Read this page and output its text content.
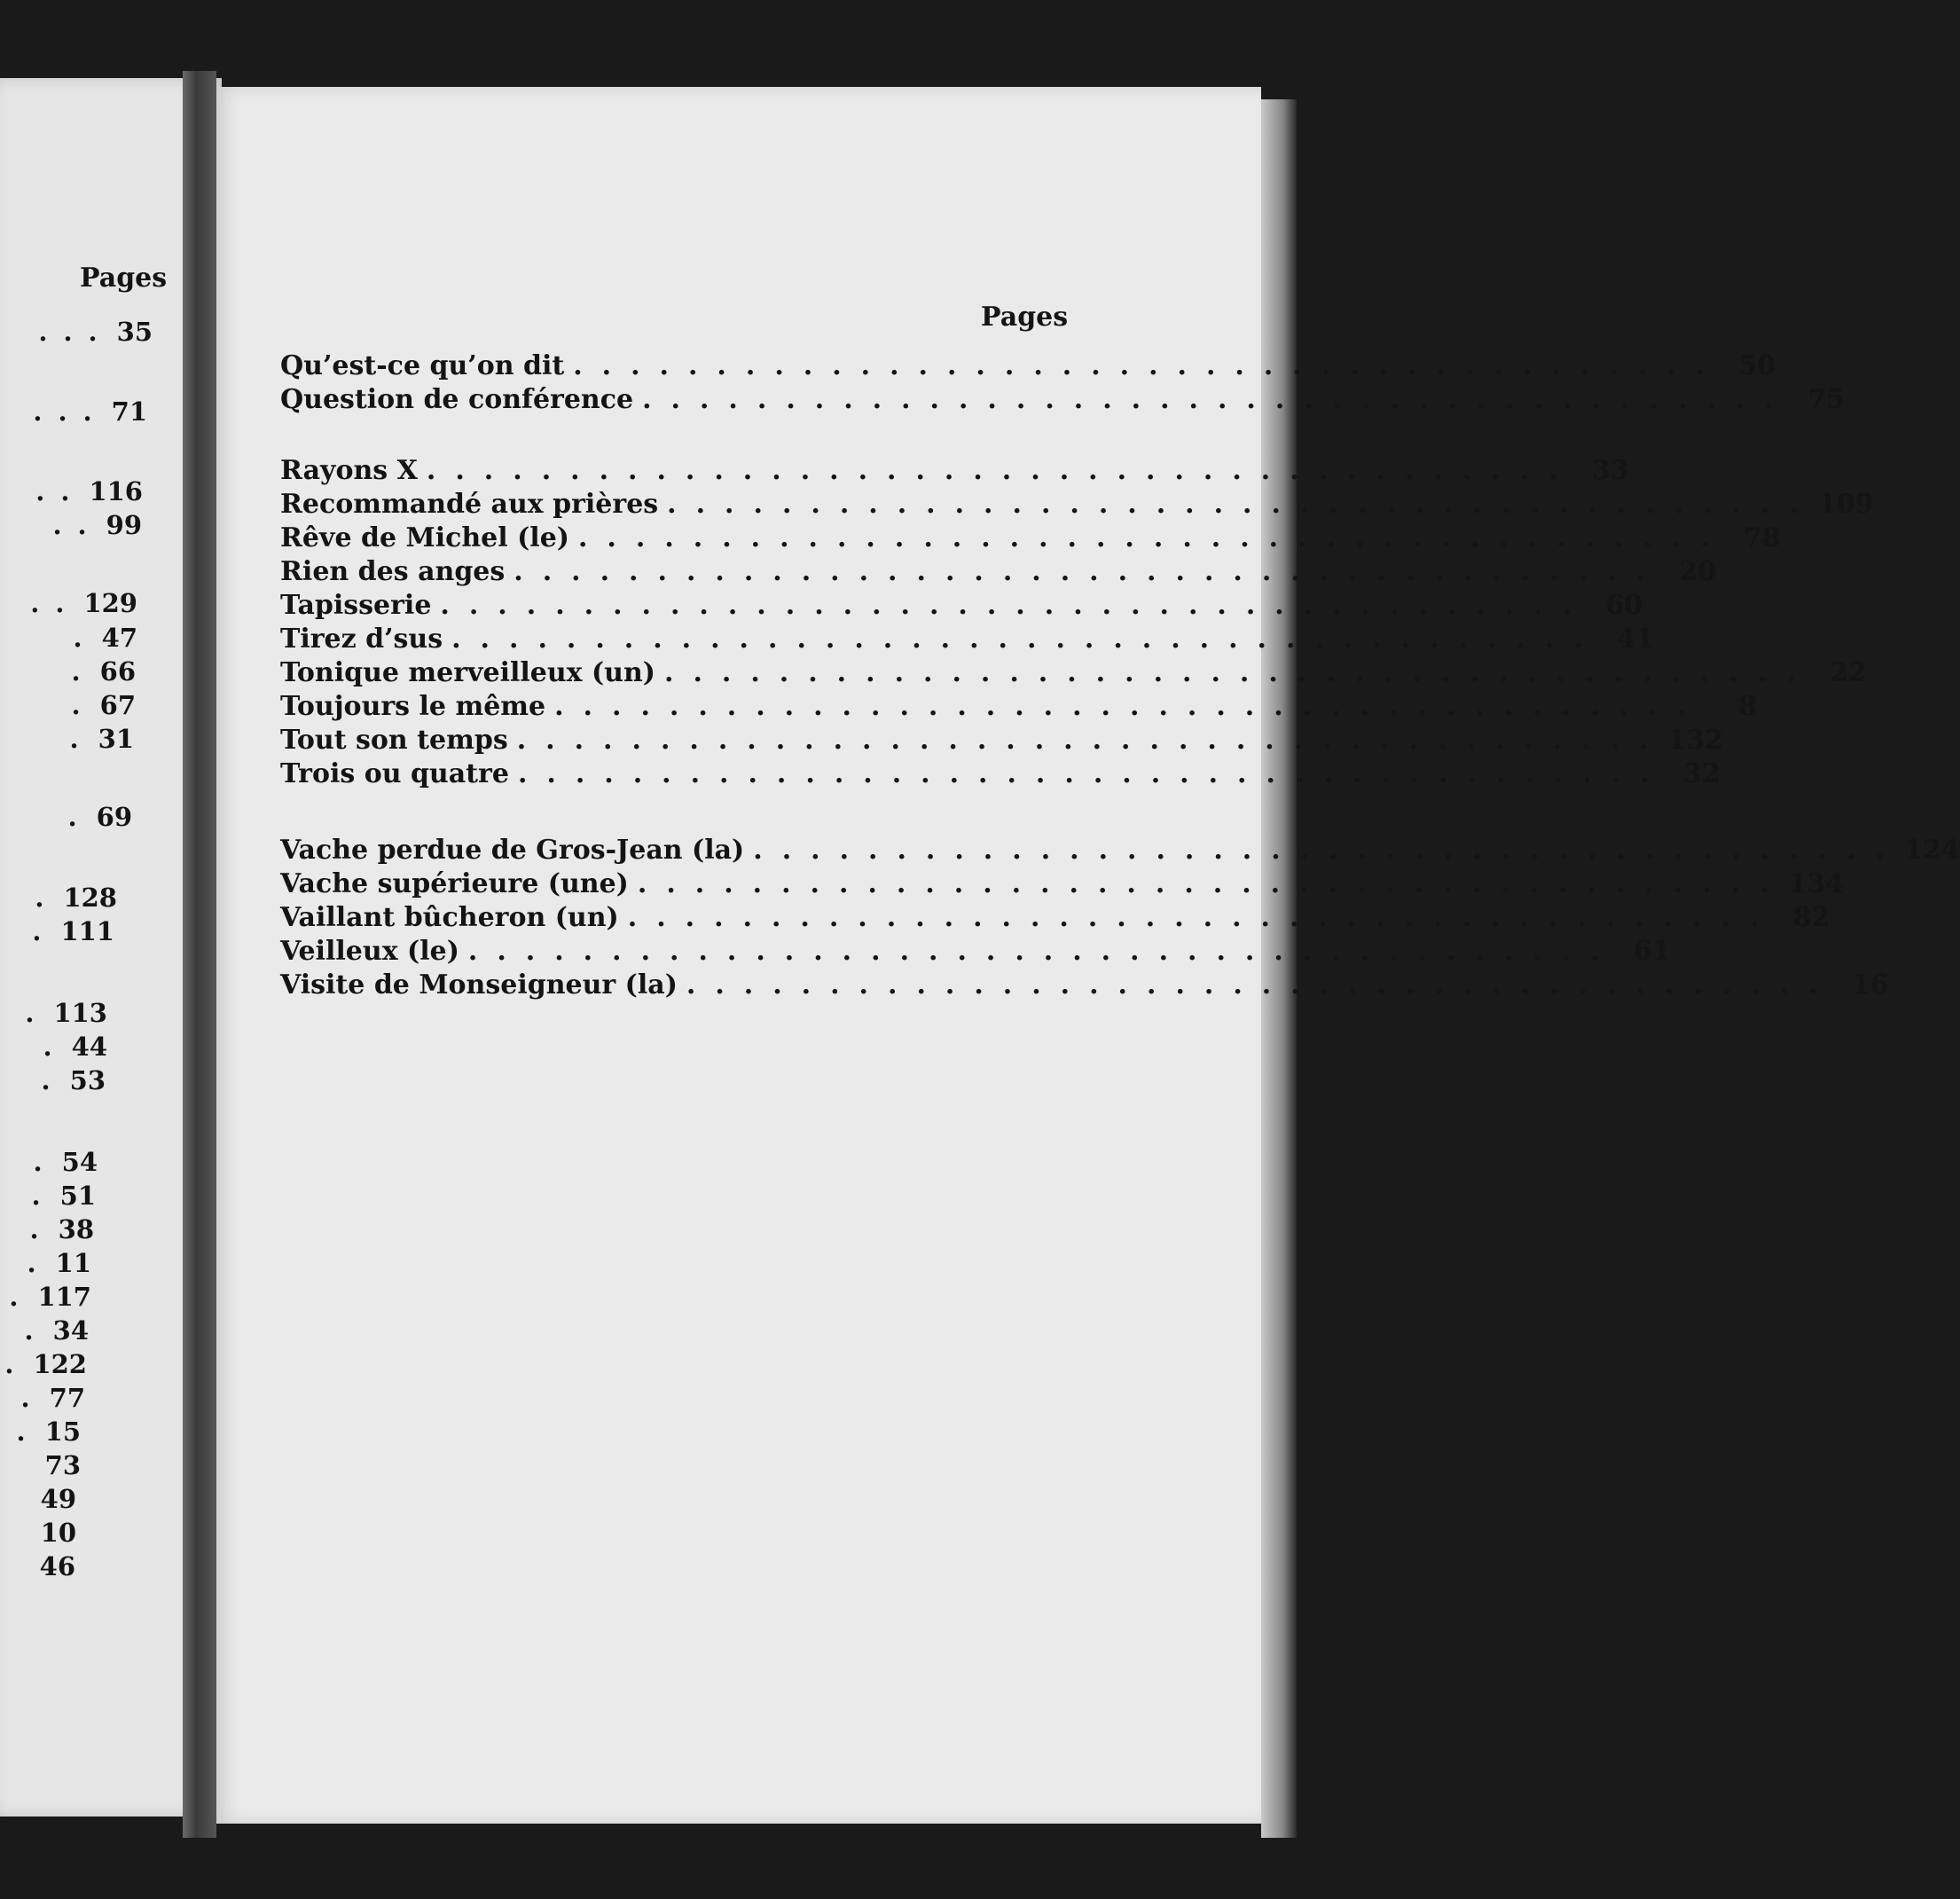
Pages
... 35
... 71
.. 116
.. 99
.. 129
. 47
. 66
. 67
. 31
. 69
. 128
. 111
. 113
. 44
. 53
. 54
. 51
. 38
. 11
. 117
. 34
. 122
. 77
. 15
73
49
10
46
Pages
Qu’est-ce qu’on dit ........................................ 50
Question de conférence ........................................ 75
Rayons X ........................................ 33
Recommandé aux prières ........................................ 109
Rêve de Michel (le) ........................................ 78
Rien des anges ........................................ 20
Tapisserie ........................................ 60
Tirez d’sus ........................................ 41
Tonique merveilleux (un) ........................................ 22
Toujours le même ........................................	8
Tout son temps ........................................ 132
Trois ou quatre ........................................ 32
Vache perdue de Gros-Jean (la) ........................................ 124
Vache supérieure (une) ........................................ 134
Vaillant bûcheron (un) ........................................ 82
Veilleux (le) ........................................ 61
Visite de Monseigneur (la) ........................................ 16
